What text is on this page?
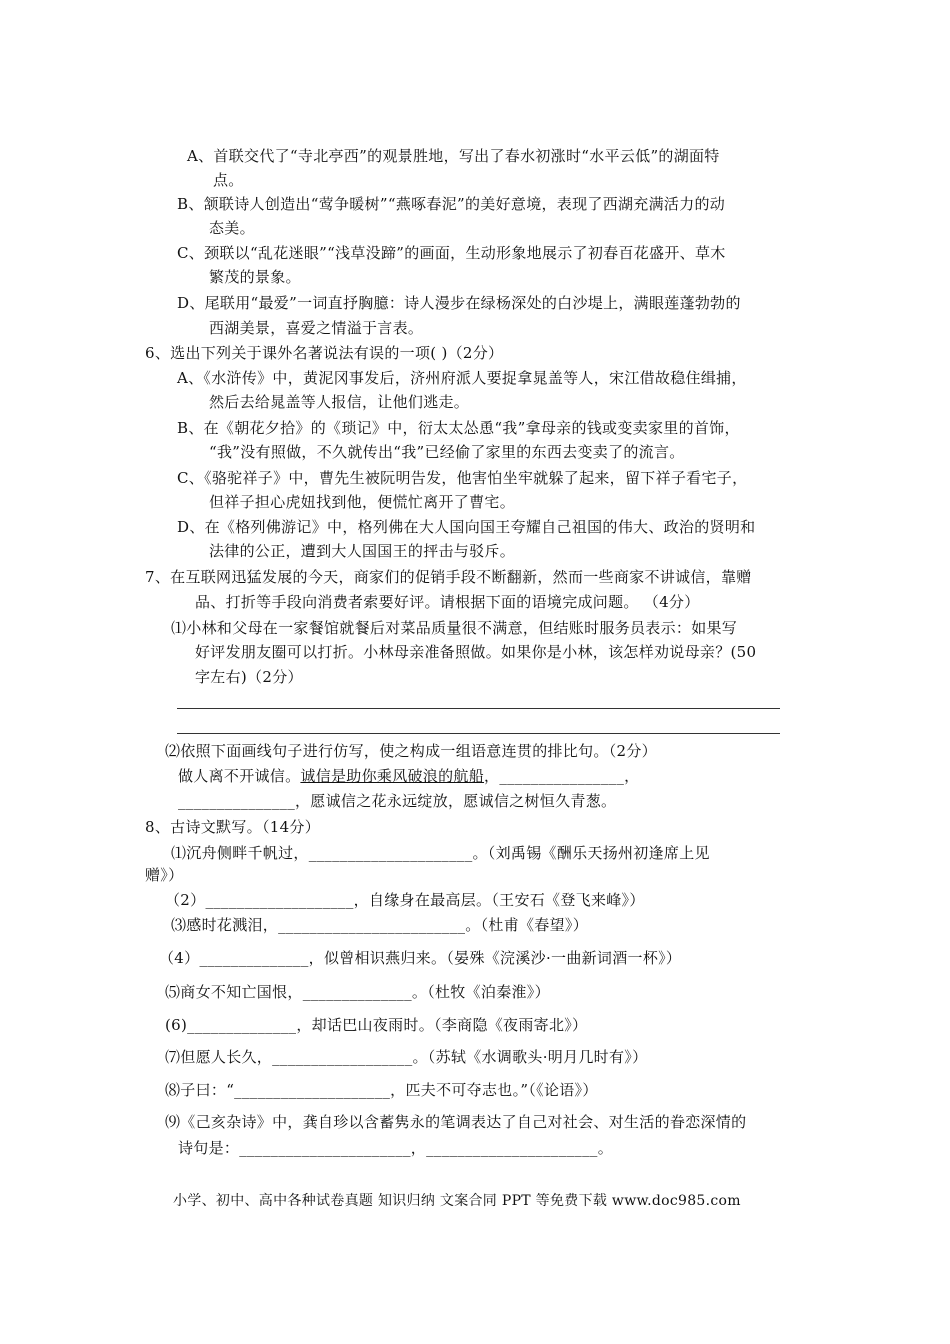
A、首联交代了“寺北亭西”的观景胜地，写出了春水初涨时“水平云低”的湖面特
点。
B、颔联诗人创造出“莺争暖树”“燕啄春泥”的美好意境，表现了西湖充满活力的动
态美。
C、颈联以“乱花迷眼”“浅草没蹄”的画面，生动形象地展示了初春百花盛开、草木
繁茂的景象。
D、尾联用“最爱”一词直抒胸臆：诗人漫步在绿杨深处的白沙堤上，满眼莲蓬勃勃的
西湖美景，喜爱之情溢于言表。
6、选出下列关于课外名著说法有误的一项( )（2分）
A、《水浒传》中，黄泥冈事发后，济州府派人要捉拿晁盖等人，宋江借故稳住缉捕，
然后去给晁盖等人报信，让他们逃走。
B、在《朝花夕拾》的《琐记》中，衍太太怂恿“我”拿母亲的钱或变卖家里的首饰，
“我”没有照做，不久就传出“我”已经偷了家里的东西去变卖了的流言。
C、《骆驼祥子》中，曹先生被阮明告发，他害怕坐牢就躲了起来，留下祥子看宅子，
但祥子担心虎妞找到他，便慌忙离开了曹宅。
D、在《格列佛游记》中，格列佛在大人国向国王夸耀自己祖国的伟大、政治的贤明和
法律的公正，遭到大人国国王的抨击与驳斥。
7、在互联网迅猛发展的今天，商家们的促销手段不断翻新，然而一些商家不讲诚信，靠赠
品、打折等手段向消费者索要好评。请根据下面的语境完成问题。 （4分）
⑴小林和父母在一家餐馆就餐后对菜品质量很不满意，但结账时服务员表示：如果写
好评发朋友圈可以打折。小林母亲准备照做。如果你是小林，该怎样劝说母亲？(50
字左右)（2分）
⑵依照下面画线句子进行仿写，使之构成一组语意连贯的排比句。（2分）
做人离不开诚信。诚信是助你乘风破浪的航船，________________，
_______________，愿诚信之花永远绽放，愿诚信之树恒久青葱。
8、古诗文默写。（14分）
⑴沉舟侧畔千帆过，_____________________。（刘禹锡《酬乐天扬州初逢席上见
赠》）
（2）___________________，自缘身在最高层。（王安石《登飞来峰》）
⑶感时花溅泪，________________________。（杜甫《春望》）
（4）______________，似曾相识燕归来。（晏殊《浣溪沙·一曲新词酒一杯》）
⑸商女不知亡国恨，______________。（杜牧《泊秦淮》）
(6)______________，却话巴山夜雨时。（李商隐《夜雨寄北》）
⑺但愿人长久，__________________。（苏轼《水调歌头·明月几时有》）
⑻子曰：“____________________，匹夫不可夺志也。”（《论语》）
⑼《己亥杂诗》中，龚自珍以含蓄隽永的笔调表达了自己对社会、对生活的眷恋深情的
诗句是：______________________，______________________。
小学、初中、高中各种试卷真题 知识归纳 文案合同 PPT 等免费下载 www.doc985.com
